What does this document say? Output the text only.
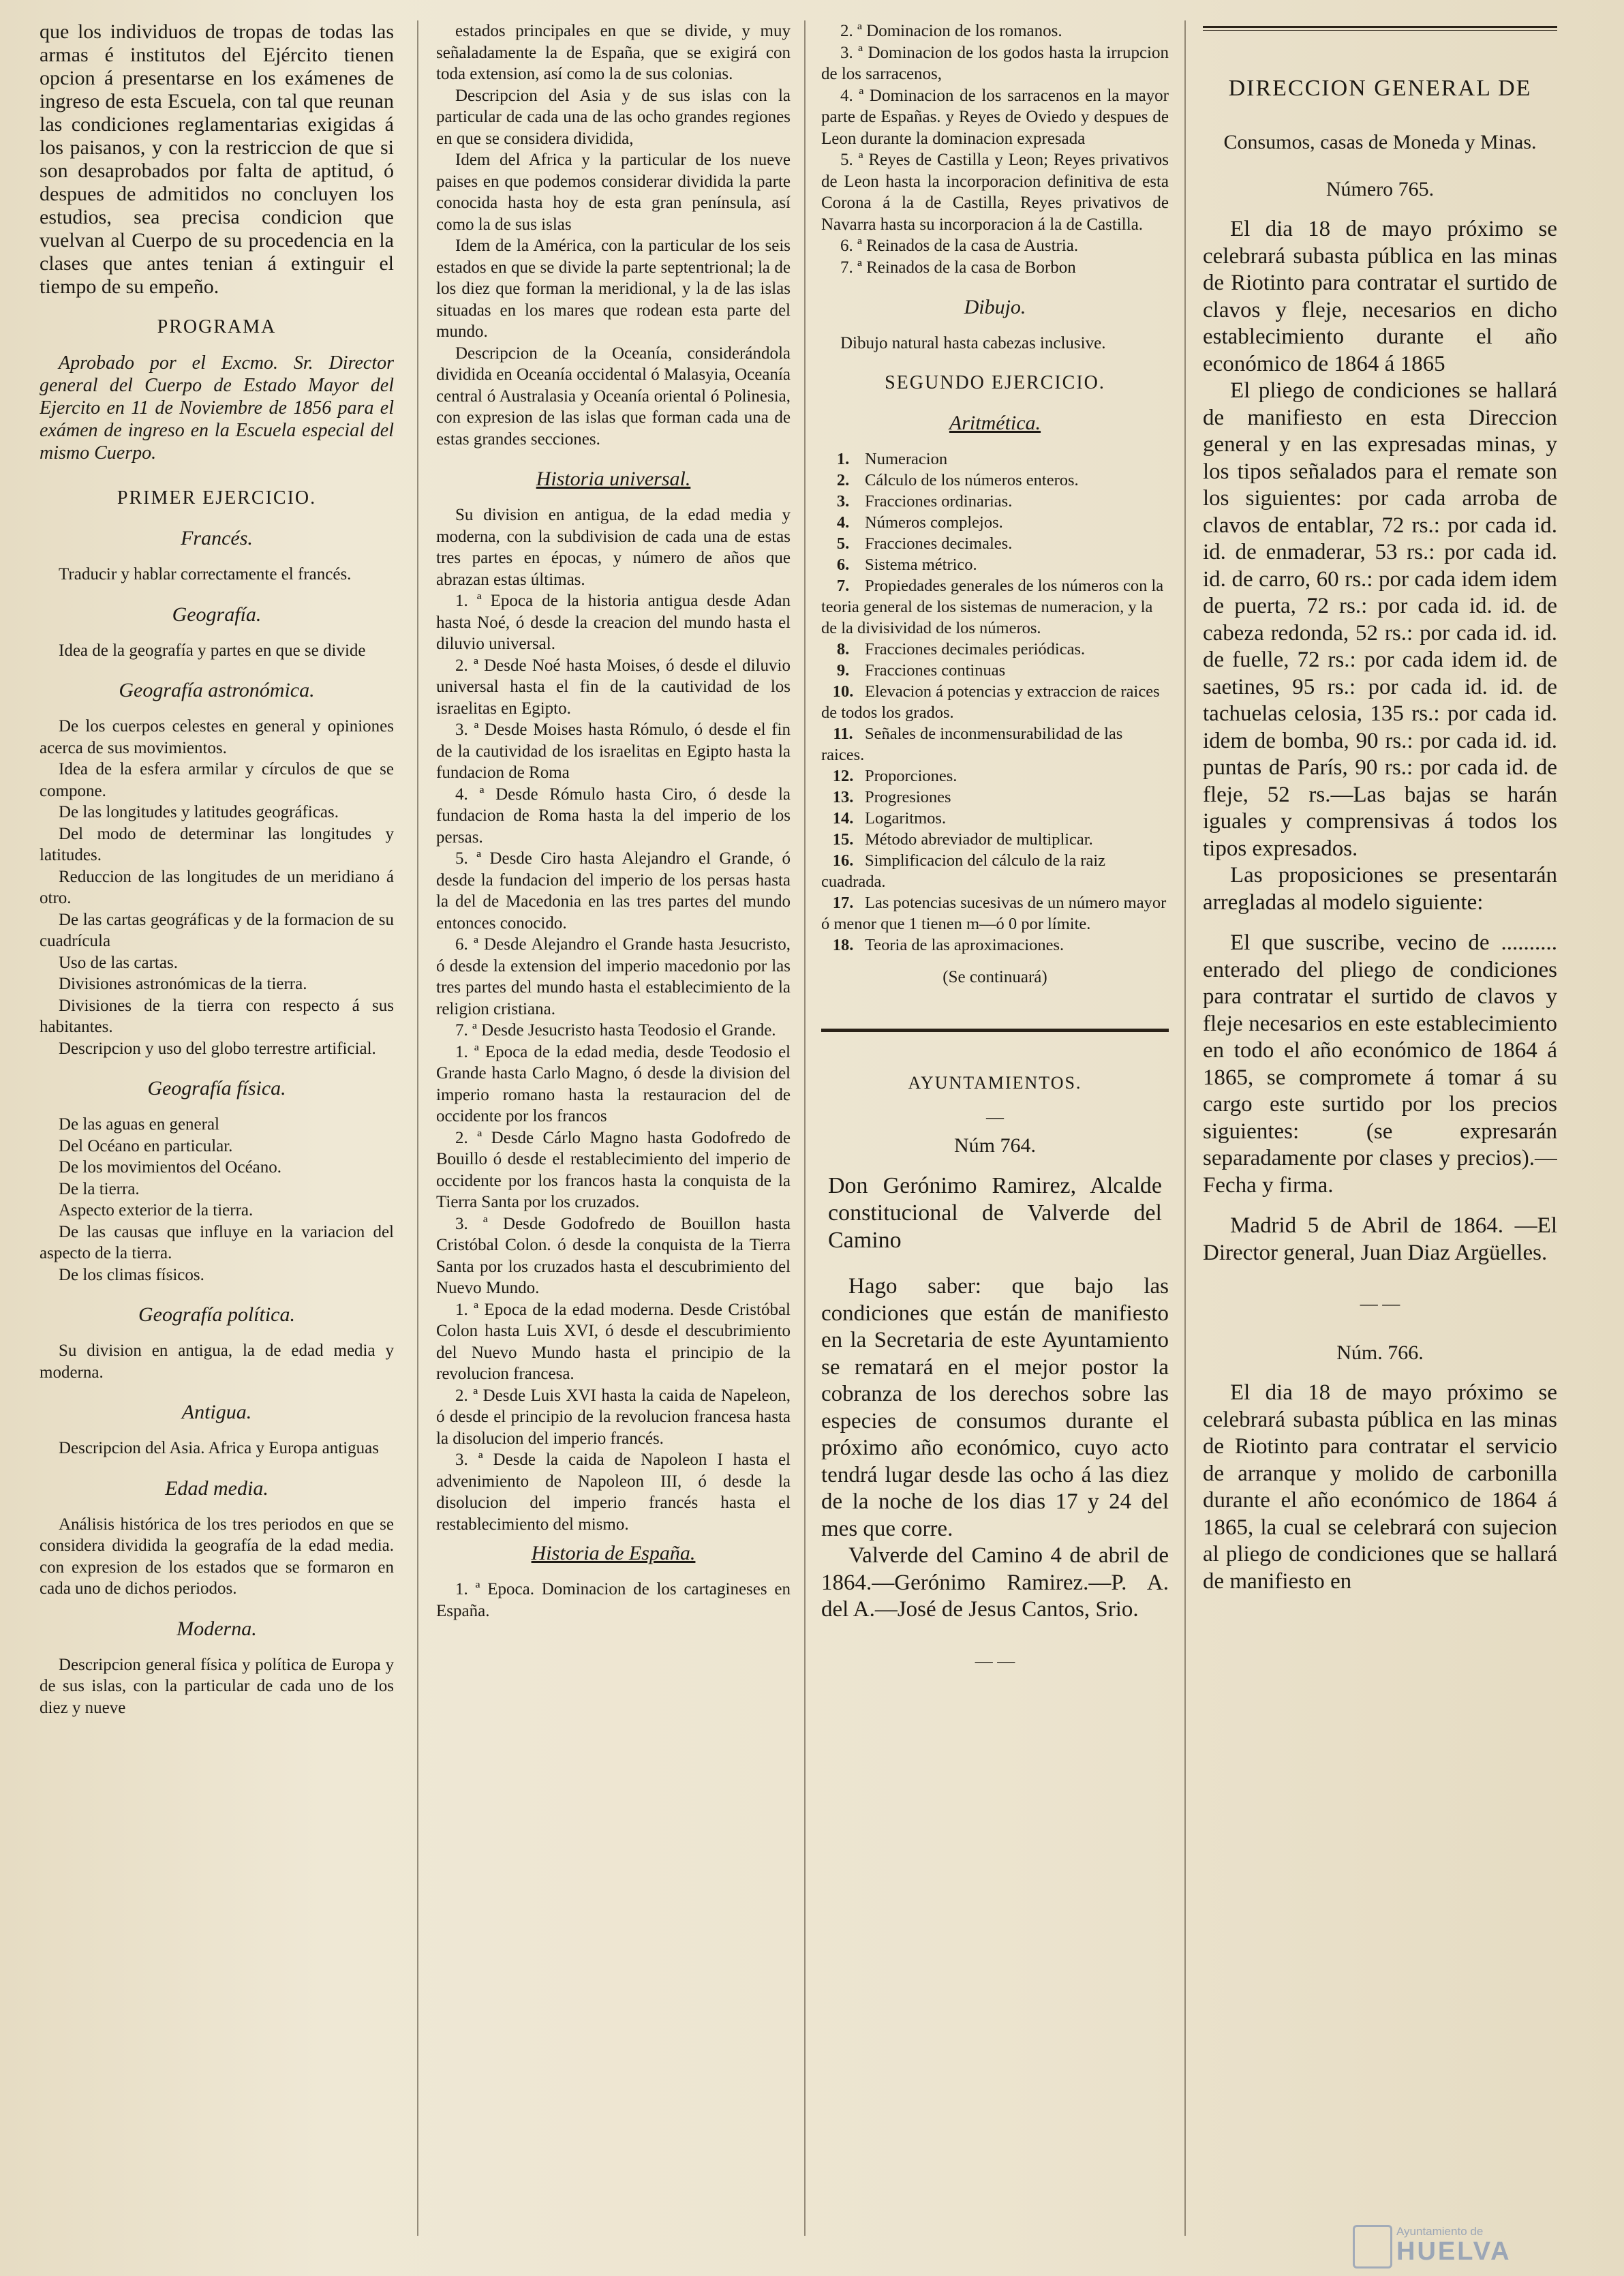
que los individuos de tropas de todas las armas é institutos del Ejército tienen opcion á presentarse en los exámenes de ingreso de esta Escuela, con tal que reunan las condiciones reglamentarias exigidas á los paisanos, y con la restriccion de que si son desaprobados por falta de aptitud, ó despues de admitidos no concluyen los estudios, sea precisa condicion que vuelvan al Cuerpo de su procedencia en la clases que antes tenian á extinguir el tiempo de su empeño.

PROGRAMA

Aprobado por el Excmo. Sr. Director general del Cuerpo de Estado Mayor del Ejercito en 11 de Noviembre de 1856 para el exámen de ingreso en la Escuela especial del mismo Cuerpo.

PRIMER EJERCICIO.
Francés.

Traducir y hablar correctamente el francés.

Geografía.

Idea de la geografía y partes en que se divide

Geografía astronómica.

De los cuerpos celestes en general y opiniones acerca de sus movimientos.

Idea de la esfera armilar y círculos de que se compone.

De las longitudes y latitudes geográficas.

Del modo de determinar las longitudes y latitudes.

Reduccion de las longitudes de un meridiano á otro.

De las cartas geográficas y de la formacion de su cuadrícula

Uso de las cartas.

Divisiones astronómicas de la tierra.

Divisiones de la tierra con respecto á sus habitantes.

Descripcion y uso del globo terrestre artificial.

Geografía física.

De las aguas en general

Del Océano en particular.

De los movimientos del Océano.

De la tierra.

Aspecto exterior de la tierra.

De las causas que influye en la variacion del aspecto de la tierra.

De los climas físicos.

Geografía política.

Su division en antigua, la de edad media y moderna.

Antigua.

Descripcion del Asia. Africa y Europa antiguas

Edad media.

Análisis histórica de los tres periodos en que se considera dividida la geografía de la edad media. con expresion de los estados que se formaron en cada uno de dichos periodos.

Moderna.

Descripcion general física y política de Europa y de sus islas, con la particular de cada uno de los diez y nueve

estados principales en que se divide, y muy señaladamente la de España, que se exigirá con toda extension, así como la de sus colonias.

Descripcion del Asia y de sus islas con la particular de cada una de las ocho grandes regiones en que se considera dividida,

Idem del Africa y la particular de los nueve paises en que podemos considerar dividida la parte conocida hasta hoy de esta gran península, así como la de sus islas

Idem de la América, con la particular de los seis estados en que se divide la parte septentrional; la de los diez que forman la meridional, y la de las islas situadas en los mares que rodean esta parte del mundo.

Descripcion de la Oceanía, considerándola dividida en Oceanía occidental ó Malasyia, Oceanía central ó Australasia y Oceanía oriental ó Polinesia, con expresion de las islas que forman cada una de estas grandes secciones.

Historia universal.

Su division en antigua, de la edad media y moderna, con la subdivision de cada una de estas tres partes en épocas, y número de años que abrazan estas últimas.

1. ª Epoca de la historia antigua desde Adan hasta Noé, ó desde la creacion del mundo hasta el diluvio universal.

2. ª Desde Noé hasta Moises, ó desde el diluvio universal hasta el fin de la cautividad de los israelitas en Egipto.

3. ª Desde Moises hasta Rómulo, ó desde el fin de la cautividad de los israelitas en Egipto hasta la fundacion de Roma

4. ª Desde Rómulo hasta Ciro, ó desde la fundacion de Roma hasta la del imperio de los persas.

5. ª Desde Ciro hasta Alejandro el Grande, ó desde la fundacion del imperio de los persas hasta la del de Macedonia en las tres partes del mundo entonces conocido.

6. ª Desde Alejandro el Grande hasta Jesucristo, ó desde la extension del imperio macedonio por las tres partes del mundo hasta el establecimiento de la religion cristiana.

7. ª Desde Jesucristo hasta Teodosio el Grande.

1. ª Epoca de la edad media, desde Teodosio el Grande hasta Carlo Magno, ó desde la division del imperio romano hasta la restauracion del de occidente por los francos

2. ª Desde Cárlo Magno hasta Godofredo de Bouillo ó desde el restablecimiento del imperio de occidente por los francos hasta la conquista de la Tierra Santa por los cruzados.

3. ª Desde Godofredo de Bouillon hasta Cristóbal Colon. ó desde la conquista de la Tierra Santa por los cruzados hasta el descubrimiento del Nuevo Mundo.

1. ª Epoca de la edad moderna. Desde Cristóbal Colon hasta Luis XVI, ó desde el descubrimiento del Nuevo Mundo hasta el principio de la revolucion francesa.

2. ª Desde Luis XVI hasta la caida de Napeleon, ó desde el principio de la revolucion francesa hasta la disolucion del imperio francés.

3. ª Desde la caida de Napoleon I hasta el advenimiento de Napoleon III, ó desde la disolucion del imperio francés hasta el restablecimiento del mismo.

Historia de España.

1. ª Epoca. Dominacion de los cartagineses en España.

2. ª Dominacion de los romanos.

3. ª Dominacion de los godos hasta la irrupcion de los sarracenos,

4. ª Dominacion de los sarracenos en la mayor parte de Españas. y Reyes de Oviedo y despues de Leon durante la dominacion expresada

5. ª Reyes de Castilla y Leon; Reyes privativos de Leon hasta la incorporacion definitiva de esta Corona á la de Castilla, Reyes privativos de Navarra hasta su incorporacion á la de Castilla.

6. ª Reinados de la casa de Austria.

7. ª Reinados de la casa de Borbon

Dibujo.

Dibujo natural hasta cabezas inclusive.

SEGUNDO EJERCICIO.
Aritmética.

1. Numeracion

2. Cálculo de los números enteros.

3. Fracciones ordinarias.

4. Números complejos.

5. Fracciones decimales.

6. Sistema métrico.

7. Propiedades generales de los números con la teoria general de los sistemas de numeracion, y la de la divisividad de los números.

8. Fracciones decimales periódicas.

9. Fracciones continuas

10. Elevacion á potencias y extraccion de raices de todos los grados.

11. Señales de inconmensurabilidad de las raices.

12. Proporciones.

13. Progresiones

14. Logaritmos.

15. Método abreviador de multiplicar.

16. Simplificacion del cálculo de la raiz cuadrada.

17. Las potencias sucesivas de un número mayor ó menor que 1 tienen m—ó 0 por límite.

18. Teoria de las aproximaciones.

(Se continuará)

AYUNTAMIENTOS.
—
Núm 764.

Don Gerónimo Ramirez, Alcalde constitucional de Valverde del Camino

Hago saber: que bajo las condiciones que están de manifiesto en la Secretaria de este Ayuntamiento se rematará en el mejor postor la cobranza de los derechos sobre las especies de consumos durante el próximo año económico, cuyo acto tendrá lugar desde las ocho á las diez de la noche de los dias 17 y 24 del mes que corre.

Valverde del Camino 4 de abril de 1864.—Gerónimo Ramirez.—P. A. del A.—José de Jesus Cantos, Srio.

— —
DIRECCION GENERAL DE
Consumos, casas de Moneda y Minas.
Número 765.

El dia 18 de mayo próximo se celebrará subasta pública en las minas de Riotinto para contratar el surtido de clavos y fleje, necesarios en dicho establecimiento durante el año económico de 1864 á 1865

El pliego de condiciones se hallará de manifiesto en esta Direccion general y en las expresadas minas, y los tipos señalados para el remate son los siguientes: por cada arroba de clavos de entablar, 72 rs.: por cada id. id. de enmaderar, 53 rs.: por cada id. id. de carro, 60 rs.: por cada idem idem de puerta, 72 rs.: por cada id. id. de cabeza redonda, 52 rs.: por cada id. id. de fuelle, 72 rs.: por cada idem id. de saetines, 95 rs.: por cada id. id. de tachuelas celosia, 135 rs.: por cada id. idem de bomba, 90 rs.: por cada id. id. puntas de París, 90 rs.: por cada id. de fleje, 52 rs.—Las bajas se harán iguales y comprensivas á todos los tipos expresados.

Las proposiciones se presentarán arregladas al modelo siguiente:

El que suscribe, vecino de .......... enterado del pliego de condiciones para contratar el surtido de clavos y fleje necesarios en este establecimiento en todo el año económico de 1864 á 1865, se compromete á tomar á su cargo este surtido por los precios siguientes: (se expresarán separadamente por clases y precios).—Fecha y firma.

Madrid 5 de Abril de 1864. —El Director general, Juan Diaz Argüelles.

— —
Núm. 766.

El dia 18 de mayo próximo se celebrará subasta pública en las minas de Riotinto para contratar el servicio de arranque y molido de carbonilla durante el año económico de 1864 á 1865, la cual se celebrará con sujecion al pliego de condiciones que se hallará de manifiesto en

Ayuntamiento de
HUELVA
